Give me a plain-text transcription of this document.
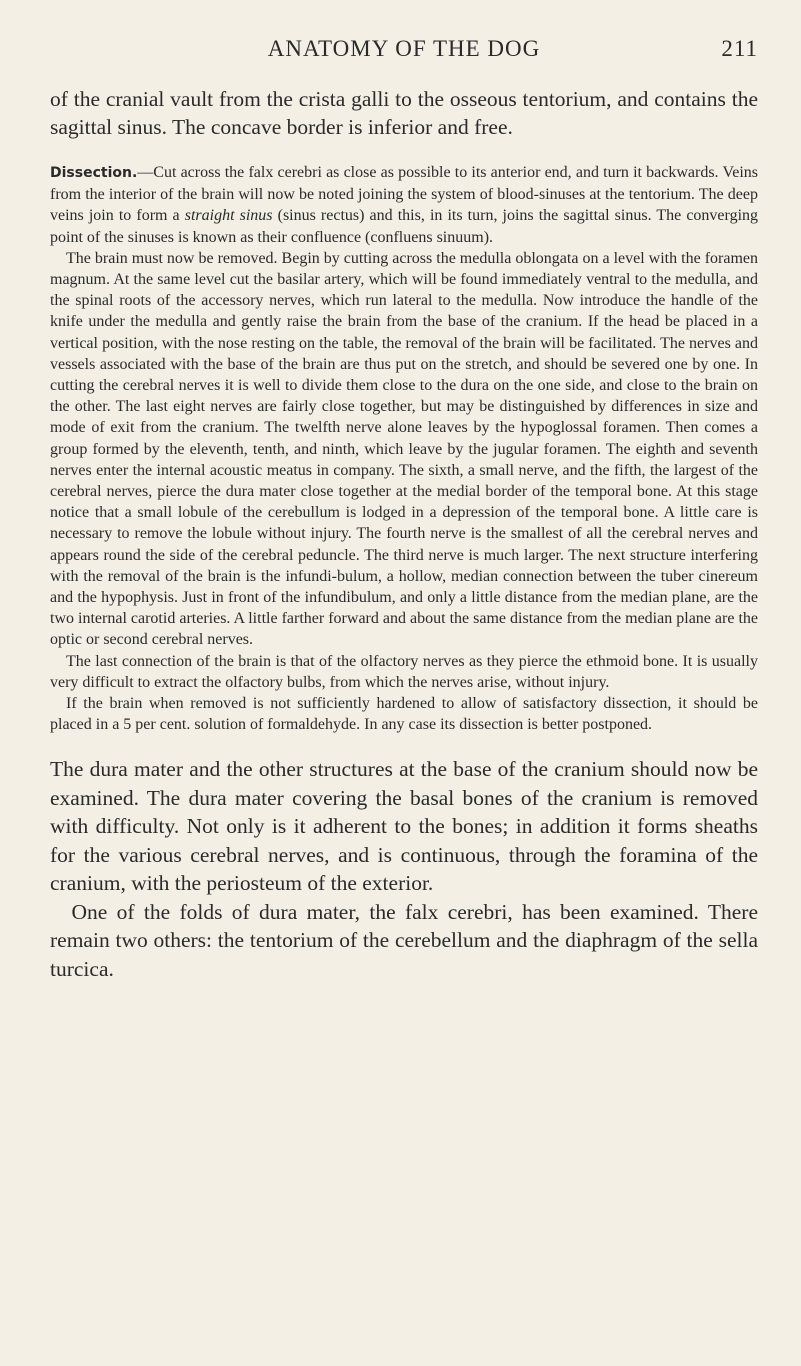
ANATOMY OF THE DOG	211

of the cranial vault from the crista galli to the osseous tentorium, and contains the sagittal sinus. The concave border is inferior and free.

Dissection.—Cut across the falx cerebri as close as possible to its anterior end, and turn it backwards. Veins from the interior of the brain will now be noted joining the system of blood-sinuses at the tentorium. The deep veins join to form a straight sinus (sinus rectus) and this, in its turn, joins the sagittal sinus. The converging point of the sinuses is known as their confluence (confluens sinuum).

The brain must now be removed. Begin by cutting across the medulla oblongata on a level with the foramen magnum. At the same level cut the basilar artery, which will be found immediately ventral to the medulla, and the spinal roots of the accessory nerves, which run lateral to the medulla. Now introduce the handle of the knife under the medulla and gently raise the brain from the base of the cranium. If the head be placed in a vertical position, with the nose resting on the table, the removal of the brain will be facilitated. The nerves and vessels associated with the base of the brain are thus put on the stretch, and should be severed one by one. In cutting the cerebral nerves it is well to divide them close to the dura on the one side, and close to the brain on the other. The last eight nerves are fairly close together, but may be distinguished by differences in size and mode of exit from the cranium. The twelfth nerve alone leaves by the hypoglossal foramen. Then comes a group formed by the eleventh, tenth, and ninth, which leave by the jugular foramen. The eighth and seventh nerves enter the internal acoustic meatus in company. The sixth, a small nerve, and the fifth, the largest of the cerebral nerves, pierce the dura mater close together at the medial border of the temporal bone. At this stage notice that a small lobule of the cerebullum is lodged in a depression of the temporal bone. A little care is necessary to remove the lobule without injury. The fourth nerve is the smallest of all the cerebral nerves and appears round the side of the cerebral peduncle. The third nerve is much larger. The next structure interfering with the removal of the brain is the infundi-bulum, a hollow, median connection between the tuber cinereum and the hypophysis. Just in front of the infundibulum, and only a little distance from the median plane, are the two internal carotid arteries. A little farther forward and about the same distance from the median plane are the optic or second cerebral nerves.

The last connection of the brain is that of the olfactory nerves as they pierce the ethmoid bone. It is usually very difficult to extract the olfactory bulbs, from which the nerves arise, without injury.

If the brain when removed is not sufficiently hardened to allow of satisfactory dissection, it should be placed in a 5 per cent. solution of formaldehyde. In any case its dissection is better postponed.

The dura mater and the other structures at the base of the cranium should now be examined. The dura mater covering the basal bones of the cranium is removed with difficulty. Not only is it adherent to the bones; in addition it forms sheaths for the various cerebral nerves, and is continuous, through the foramina of the cranium, with the periosteum of the exterior.

One of the folds of dura mater, the falx cerebri, has been examined. There remain two others: the tentorium of the cerebellum and the diaphragm of the sella turcica.
